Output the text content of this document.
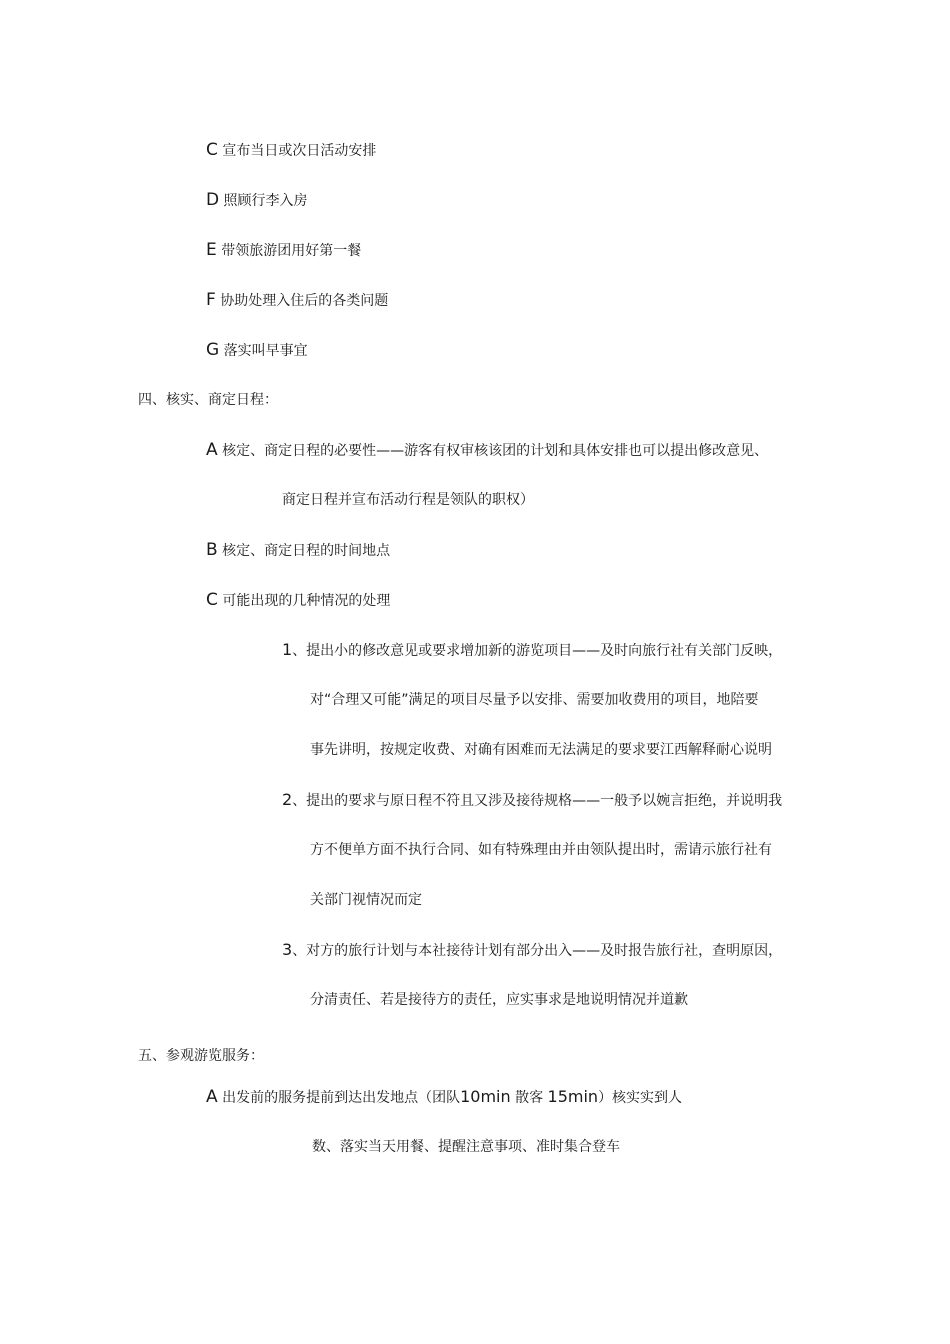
C 宣布当日或次日活动安排
D 照顾行李入房
E 带领旅游团用好第一餐
F 协助处理入住后的各类问题
G 落实叫早事宜
四、核实、商定日程：
A 核定、商定日程的必要性——游客有权审核该团的计划和具体安排也可以提出修改意见、
商定日程并宣布活动行程是领队的职权）
B 核定、商定日程的时间地点
C 可能出现的几种情况的处理
1、提出小的修改意见或要求增加新的游览项目——及时向旅行社有关部门反映，
对“合理又可能”满足的项目尽量予以安排、需要加收费用的项目，地陪要
事先讲明，按规定收费、对确有困难而无法满足的要求要江西解释耐心说明
2、提出的要求与原日程不符且又涉及接待规格——一般予以婉言拒绝，并说明我
方不便单方面不执行合同、如有特殊理由并由领队提出时，需请示旅行社有
关部门视情况而定
3、对方的旅行计划与本社接待计划有部分出入——及时报告旅行社，查明原因，
分清责任、若是接待方的责任，应实事求是地说明情况并道歉
五、参观游览服务：
A 出发前的服务提前到达出发地点（团队10min 散客 15min）核实实到人
数、落实当天用餐、提醒注意事项、准时集合登车
